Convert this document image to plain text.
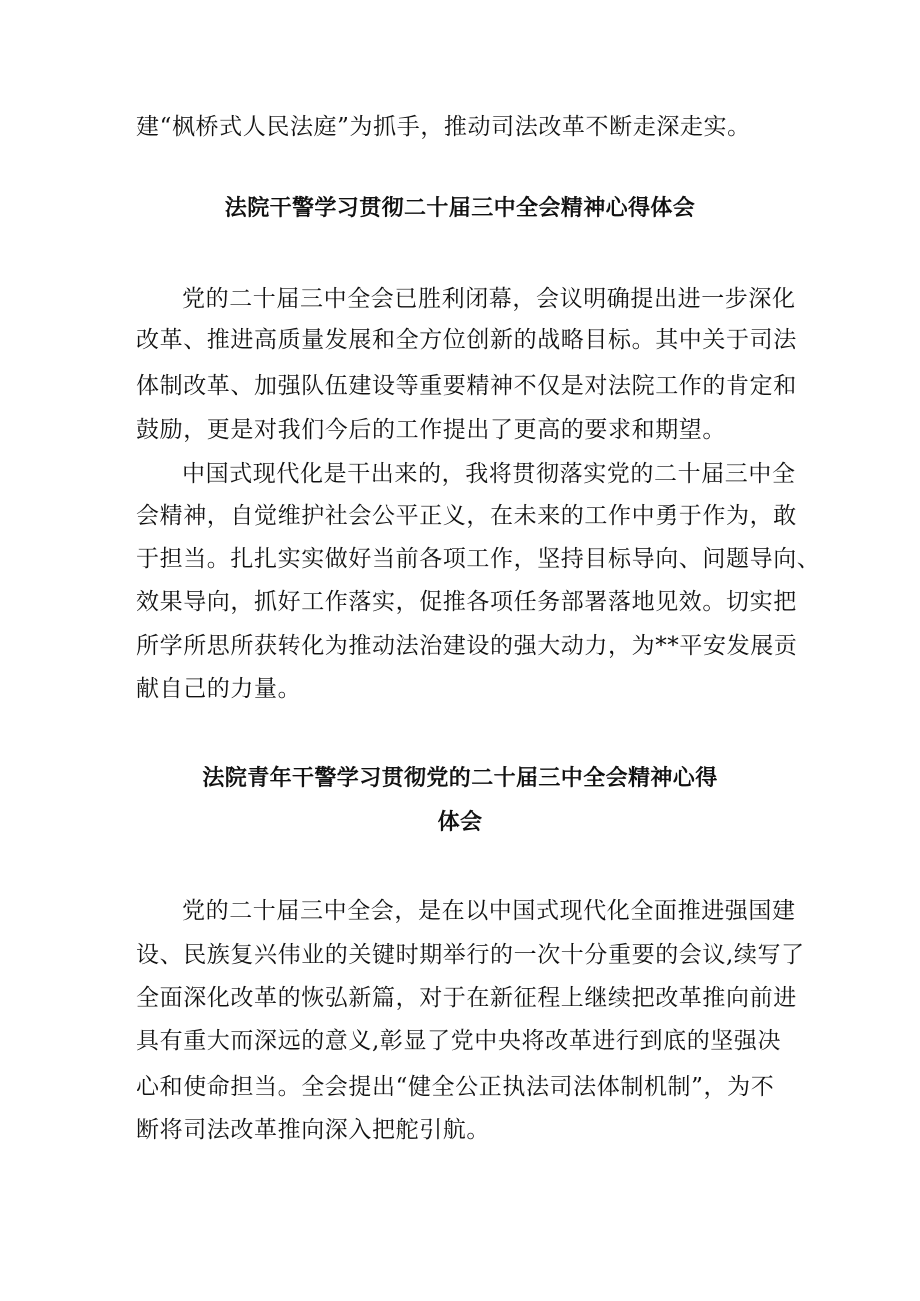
建“枫桥式人民法庭”为抓手，推动司法改革不断走深走实。
法院干警学习贯彻二十届三中全会精神心得体会
党的二十届三中全会已胜利闭幕，会议明确提出进一步深化
改革、推进高质量发展和全方位创新的战略目标。其中关于司法
体制改革、加强队伍建设等重要精神不仅是对法院工作的肯定和
鼓励，更是对我们今后的工作提出了更高的要求和期望。
中国式现代化是干出来的，我将贯彻落实党的二十届三中全
会精神，自觉维护社会公平正义，在未来的工作中勇于作为，敢
于担当。扎扎实实做好当前各项工作，坚持目标导向、问题导向、
效果导向，抓好工作落实，促推各项任务部署落地见效。切实把
所学所思所获转化为推动法治建设的强大动力，为**平安发展贡
献自己的力量。
法院青年干警学习贯彻党的二十届三中全会精神心得
体会
党的二十届三中全会，是在以中国式现代化全面推进强国建
设、民族复兴伟业的关键时期举行的一次十分重要的会议,续写了
全面深化改革的恢弘新篇，对于在新征程上继续把改革推向前进
具有重大而深远的意义,彰显了党中央将改革进行到底的坚强决
心和使命担当。全会提出“健全公正执法司法体制机制”，为不
断将司法改革推向深入把舵引航。
